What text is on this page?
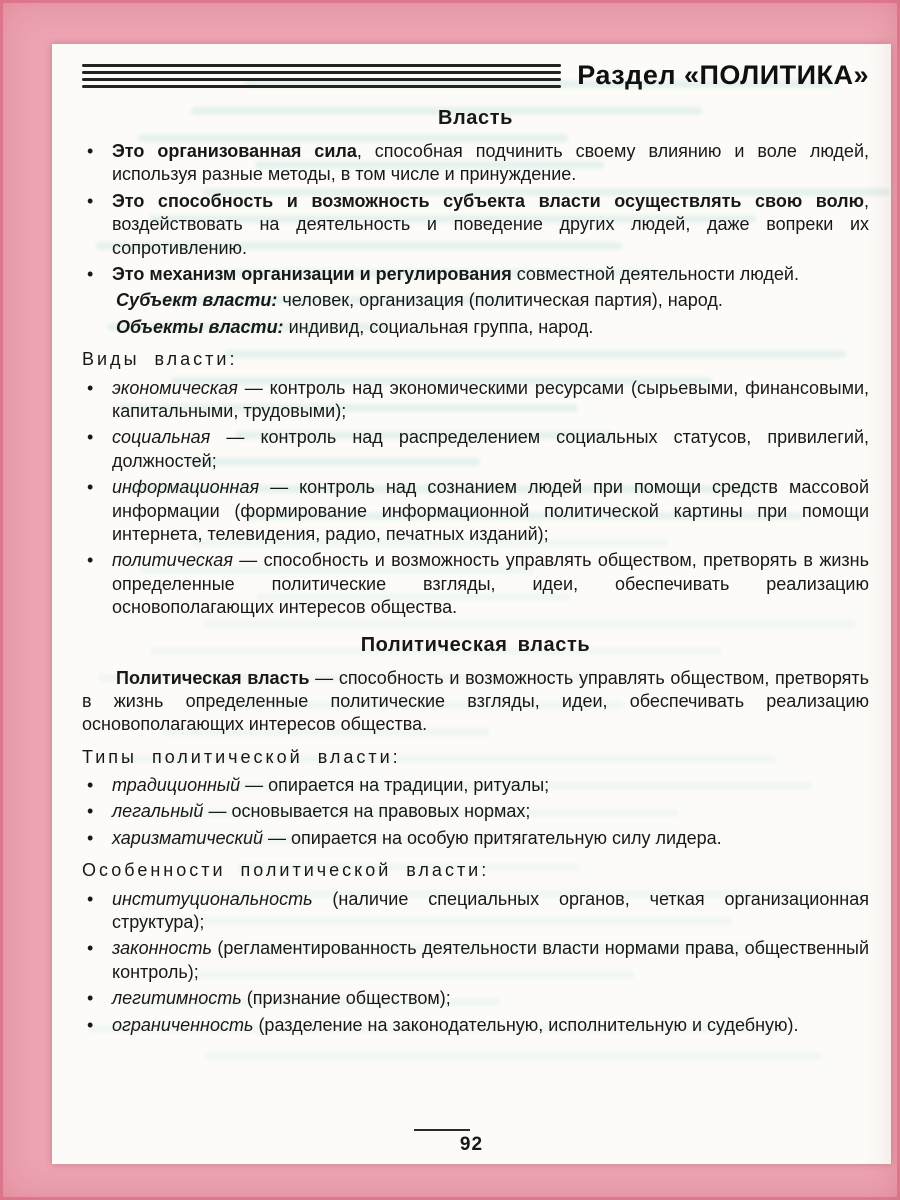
Раздел «ПОЛИТИКА»
Власть
•	Это организованная сила, способная подчинить своему влиянию и воле людей, используя разные методы, в том числе и принуждение.
•	Это способность и возможность субъекта власти осуществлять свою волю, воздействовать на деятельность и поведение других людей, даже вопреки их сопротивлению.
•	Это механизм организации и регулирования совместной деятельности людей.

Субъект власти: человек, организация (политическая партия), народ.

Объекты власти: индивид, социальная группа, народ.

Виды власти:
•	экономическая — контроль над экономическими ресурсами (сырьевыми, финансовыми, капитальными, трудовыми);
•	социальная — контроль над распределением социальных статусов, привилегий, должностей;
•	информационная — контроль над сознанием людей при помощи средств массовой информации (формирование информационной политической картины при помощи интернета, телевидения, радио, печатных изданий);
•	политическая — способность и возможность управлять обществом, претворять в жизнь определенные политические взгляды, идеи, обеспечивать реализацию основополагающих интересов общества.
Политическая власть

Политическая власть — способность и возможность управлять обществом, претворять в жизнь определенные политические взгляды, идеи, обеспечивать реализацию основополагающих интересов общества.

Типы политической власти:
•	традиционный — опирается на традиции, ритуалы;
•	легальный — основывается на правовых нормах;
•	харизматический — опирается на особую притягательную силу лидера.
Особенности политической власти:
•	институциональность (наличие специальных органов, четкая организационная структура);
•	законность (регламентированность деятельности власти нормами права, общественный контроль);
•	легитимность (признание обществом);
•	ограниченность (разделение на законодательную, исполнительную и судебную).
92
